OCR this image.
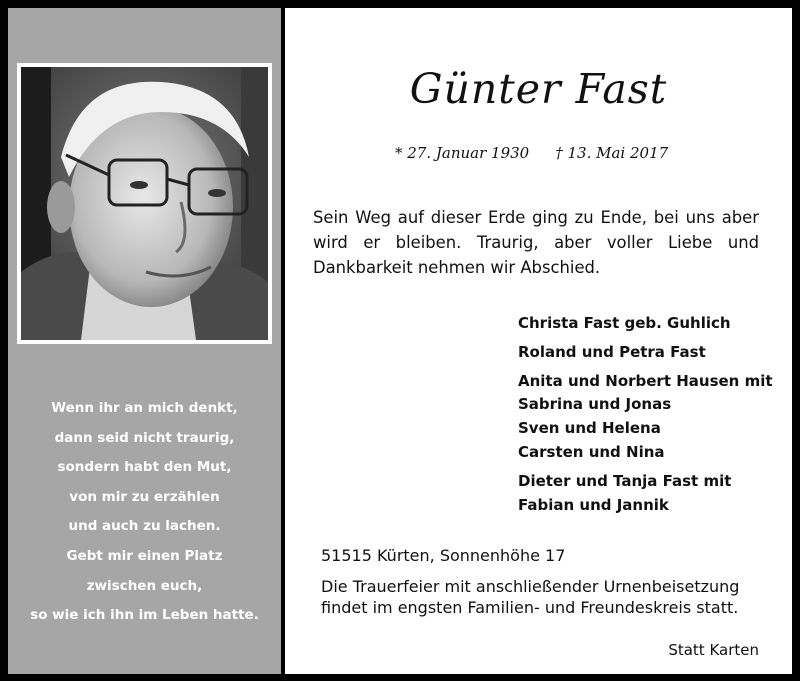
Wenn ihr an mich denkt,
dann seid nicht traurig,
sondern habt den Mut,
von mir zu erzählen
und auch zu lachen.
Gebt mir einen Platz
zwischen euch,
so wie ich ihn im Leben hatte.
Günter Fast
* 27. Januar 1930 † 13. Mai 2017
Sein Weg auf dieser Erde ging zu Ende, bei uns aber wird er bleiben. Traurig, aber voller Liebe und Dankbarkeit nehmen wir Abschied.
Christa Fast geb. Guhlich
Roland und Petra Fast
Anita und Norbert Hausen mit
Sabrina und Jonas
Sven und Helena
Carsten und Nina
Dieter und Tanja Fast mit
Fabian und Jannik
51515 Kürten, Sonnenhöhe 17
Die Trauerfeier mit anschließender Urnenbeisetzung
findet im engsten Familien- und Freundeskreis statt.
Statt Karten
